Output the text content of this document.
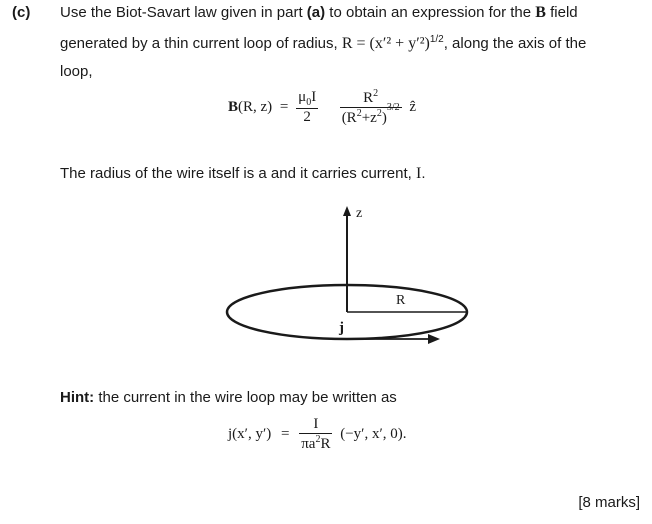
(c) Use the Biot-Savart law given in part (a) to obtain an expression for the B field
generated by a thin current loop of radius, $R = (x'^2 + y'^2)^{1/2}$, along the axis of the
loop,
B(R, $z) = \frac{\mu_0I}{2}$
$\frac{R^2}{(R^2+z^2)^{3/2}}$ ẑ
The radius of the wire itself is a and it carries current, I.
z
R
j
Hint: the current in the wire loop may be written as
j(x′, $y') = \frac{I}{\pi a^2R} (-y'$, x′, 0).
[8 marks]
